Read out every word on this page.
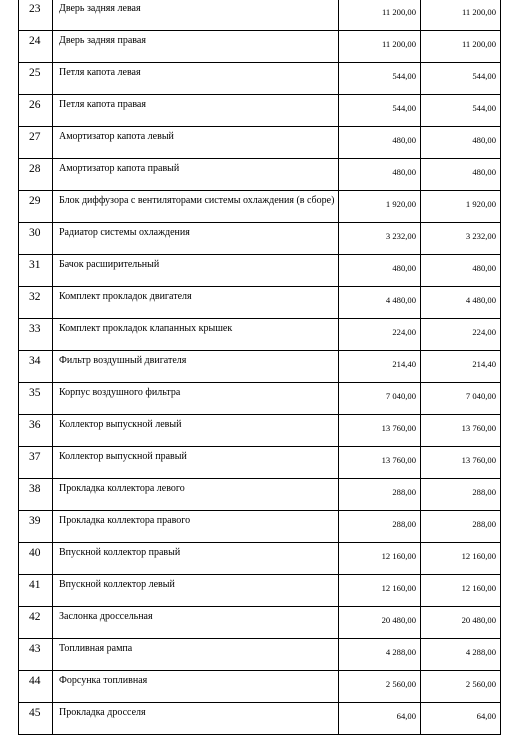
23	Дверь задняя левая	11 200,00	11 200,00
24	Дверь задняя правая	11 200,00	11 200,00
25	Петля капота левая	544,00	544,00
26	Петля капота правая	544,00	544,00
27	Амортизатор капота левый	480,00	480,00
28	Амортизатор капота правый	480,00	480,00
29	Блок диффузора с вентиляторами системы охлаждения (в сборе)	1 920,00	1 920,00
30	Радиатор системы охлаждения	3 232,00	3 232,00
31	Бачок расширительный	480,00	480,00
32	Комплект прокладок двигателя	4 480,00	4 480,00
33	Комплект прокладок клапанных крышек	224,00	224,00
34	Фильтр воздушный двигателя	214,40	214,40
35	Корпус воздушного фильтра	7 040,00	7 040,00
36	Коллектор выпускной левый	13 760,00	13 760,00
37	Коллектор выпускной правый	13 760,00	13 760,00
38	Прокладка коллектора левого	288,00	288,00
39	Прокладка коллектора правого	288,00	288,00
40	Впускной коллектор правый	12 160,00	12 160,00
41	Впускной коллектор левый	12 160,00	12 160,00
42	Заслонка дроссельная	20 480,00	20 480,00
43	Топливная рампа	4 288,00	4 288,00
44	Форсунка топливная	2 560,00	2 560,00
45	Прокладка дросселя	64,00	64,00
